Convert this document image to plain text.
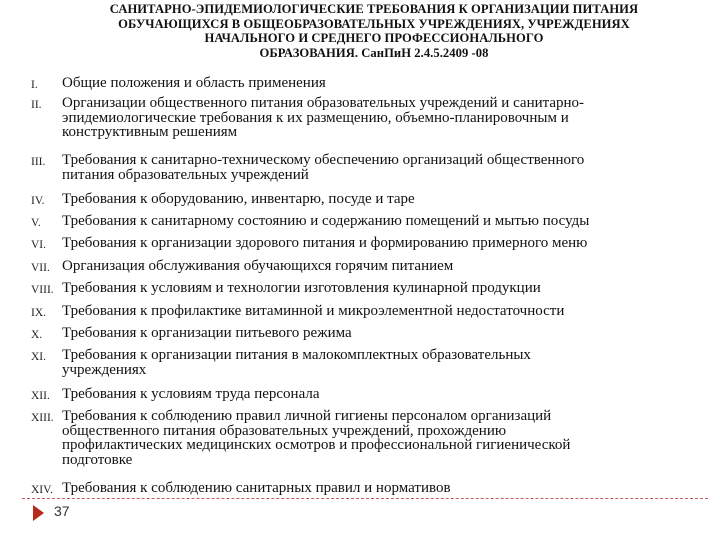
САНИТАРНО-ЭПИДЕМИОЛОГИЧЕСКИЕ ТРЕБОВАНИЯ К ОРГАНИЗАЦИИ ПИТАНИЯ
ОБУЧАЮЩИХСЯ В ОБЩЕОБРАЗОВАТЕЛЬНЫХ УЧРЕЖДЕНИЯХ, УЧРЕЖДЕНИЯХ
НАЧАЛЬНОГО И СРЕДНЕГО ПРОФЕССИОНАЛЬНОГО
ОБРАЗОВАНИЯ. СанПиН 2.4.5.2409 -08
I. Общие положения и область применения
II. Организации общественного питания образовательных учреждений и санитарно-
эпидемиологические требования к их размещению, объемно-планировочным и
конструктивным решениям
III. Требования к санитарно-техническому обеспечению организаций общественного
питания образовательных учреждений
IV. Требования к оборудованию, инвентарю, посуде и таре
V. Требования к санитарному состоянию и содержанию помещений и мытью посуды
VI. Требования к организации здорового питания и формированию примерного меню
VII. Организация обслуживания обучающихся горячим питанием
VIII. Требования к условиям и технологии изготовления кулинарной продукции
IX. Требования к профилактике витаминной и микроэлементной недостаточности
X. Требования к организации питьевого режима
XI. Требования к организации питания в малокомплектных образовательных
учреждениях
XII. Требования к условиям труда персонала
XIII. Требования к соблюдению правил личной гигиены персоналом организаций
общественного питания образовательных учреждений, прохождению
профилактических медицинских осмотров и профессиональной гигиенической
подготовке
XIV. Требования к соблюдению санитарных правил и нормативов
37
